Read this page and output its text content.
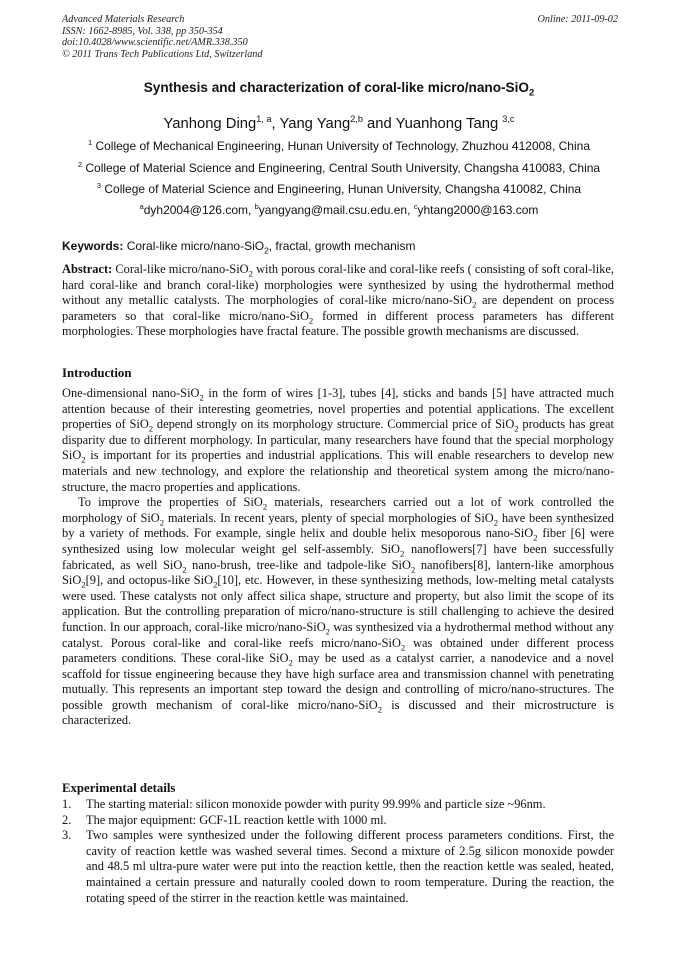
Advanced Materials Research
ISSN: 1662-8985, Vol. 338, pp 350-354
doi:10.4028/www.scientific.net/AMR.338.350
© 2011 Trans Tech Publications Ltd, Switzerland
Online: 2011-09-02
Synthesis and characterization of coral-like micro/nano-SiO$_2$
Yanhong Ding$^{1, a}$, Yang Yang$^{2,b}$ and Yuanhong Tang $^{3,c}$
$^1$ College of Mechanical Engineering, Hunan University of Technology, Zhuzhou 412008, China
$^2$ College of Material Science and Engineering, Central South University, Changsha 410083, China
$^3$ College of Material Science and Engineering, Hunan University, Changsha 410082, China
$^a$dyh2004@126.com, $^b$yangyang@mail.csu.edu.en, $^c$yhtang2000@163.com
Keywords: Coral-like micro/nano-SiO$_2$, fractal, growth mechanism

Abstract: Coral-like micro/nano-SiO$_2$ with porous coral-like and coral-like reefs ( consisting of soft coral-like, hard coral-like and branch coral-like) morphologies were synthesized by using the hydrothermal method without any metallic catalysts. The morphologies of coral-like micro/nano-SiO$_2$ are dependent on process parameters so that coral-like micro/nano-SiO$_2$ formed in different process parameters has different morphologies. These morphologies have fractal feature. The possible growth mechanisms are discussed.

Introduction

One-dimensional nano-SiO$_2$ in the form of wires [1-3], tubes [4], sticks and bands [5] have attracted much attention because of their interesting geometries, novel properties and potential applications. The excellent properties of SiO$_2$ depend strongly on its morphology structure. Commercial price of SiO$_2$ products has great disparity due to different morphology. In particular, many researchers have found that the special morphology SiO$_2$ is important for its properties and industrial applications. This will enable researchers to develop new materials and new technology, and explore the relationship and theoretical system among the micro/nano-structure, the macro properties and applications.

To improve the properties of SiO$_2$ materials, researchers carried out a lot of work controlled the morphology of SiO$_2$ materials. In recent years, plenty of special morphologies of SiO$_2$ have been synthesized by a variety of methods. For example, single helix and double helix mesoporous nano-SiO$_2$ fiber [6] were synthesized using low molecular weight gel self-assembly. SiO$_2$ nanoflowers[7] have been successfully fabricated, as well SiO$_2$ nano-brush, tree-like and tadpole-like SiO$_2$ nanofibers[8], lantern-like amorphous SiO$_2$[9], and octopus-like SiO$_2$[10], etc. However, in these synthesizing methods, low-melting metal catalysts were used. These catalysts not only affect silica shape, structure and property, but also limit the scope of its application. But the controlling preparation of micro/nano-structure is still challenging to achieve the desired function. In our approach, coral-like micro/nano-SiO$_2$ was synthesized via a hydrothermal method without any catalyst. Porous coral-like and coral-like reefs micro/nano-SiO$_2$ was obtained under different process parameters conditions. These coral-like SiO$_2$ may be used as a catalyst carrier, a nanodevice and a novel scaffold for tissue engineering because they have high surface area and transmission channel with penetrating mutually. This represents an important step toward the design and controlling of micro/nano-structures. The possible growth mechanism of coral-like micro/nano-SiO$_2$ is discussed and their microstructure is characterized.

Experimental details
1. The starting material: silicon monoxide powder with purity 99.99% and particle size ~96nm.
2. The major equipment: GCF-1L reaction kettle with 1000 ml.
3. Two samples were synthesized under the following different process parameters conditions. First, the cavity of reaction kettle was washed several times. Second a mixture of 2.5g silicon monoxide powder and 48.5 ml ultra-pure water were put into the reaction kettle, then the reaction kettle was sealed, heated, maintained a certain pressure and naturally cooled down to room temperature. During the reaction, the rotating speed of the stirrer in the reaction kettle was maintained.
